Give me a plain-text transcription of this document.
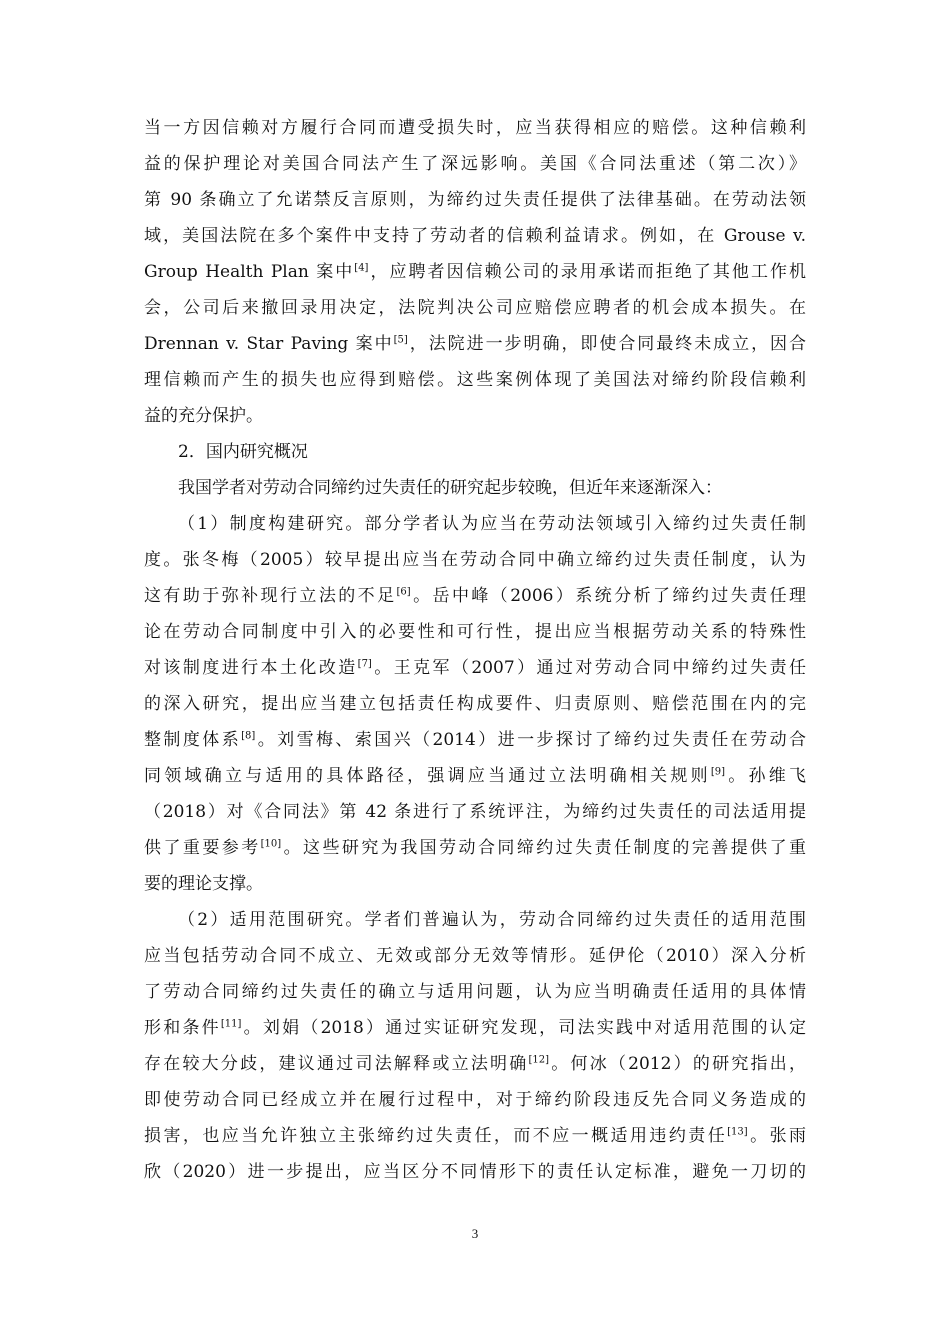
当一方因信赖对方履行合同而遭受损失时，应当获得相应的赔偿。这种信赖利
益的保护理论对美国合同法产生了深远影响。美国《合同法重述（第二次）》
第 90 条确立了允诺禁反言原则，为缔约过失责任提供了法律基础。在劳动法领
域，美国法院在多个案件中支持了劳动者的信赖利益请求。例如，在 Grouse v.
Group Health Plan 案中[4]，应聘者因信赖公司的录用承诺而拒绝了其他工作机
会，公司后来撤回录用决定，法院判决公司应赔偿应聘者的机会成本损失。在
Drennan v. Star Paving 案中[5]，法院进一步明确，即使合同最终未成立，因合
理信赖而产生的损失也应得到赔偿。这些案例体现了美国法对缔约阶段信赖利
益的充分保护。
2．国内研究概况
我国学者对劳动合同缔约过失责任的研究起步较晚，但近年来逐渐深入：
（1）制度构建研究。部分学者认为应当在劳动法领域引入缔约过失责任制
度。张冬梅（2005）较早提出应当在劳动合同中确立缔约过失责任制度，认为
这有助于弥补现行立法的不足[6]。岳中峰（2006）系统分析了缔约过失责任理
论在劳动合同制度中引入的必要性和可行性，提出应当根据劳动关系的特殊性
对该制度进行本土化改造[7]。王克军（2007）通过对劳动合同中缔约过失责任
的深入研究，提出应当建立包括责任构成要件、归责原则、赔偿范围在内的完
整制度体系[8]。刘雪梅、索国兴（2014）进一步探讨了缔约过失责任在劳动合
同领域确立与适用的具体路径，强调应当通过立法明确相关规则[9]。孙维飞
（2018）对《合同法》第 42 条进行了系统评注，为缔约过失责任的司法适用提
供了重要参考[10]。这些研究为我国劳动合同缔约过失责任制度的完善提供了重
要的理论支撑。
（2）适用范围研究。学者们普遍认为，劳动合同缔约过失责任的适用范围
应当包括劳动合同不成立、无效或部分无效等情形。延伊伦（2010）深入分析
了劳动合同缔约过失责任的确立与适用问题，认为应当明确责任适用的具体情
形和条件[11]。刘娟（2018）通过实证研究发现，司法实践中对适用范围的认定
存在较大分歧，建议通过司法解释或立法明确[12]。何冰（2012）的研究指出，
即使劳动合同已经成立并在履行过程中，对于缔约阶段违反先合同义务造成的
损害，也应当允许独立主张缔约过失责任，而不应一概适用违约责任[13]。张雨
欣（2020）进一步提出，应当区分不同情形下的责任认定标准，避免一刀切的
3
